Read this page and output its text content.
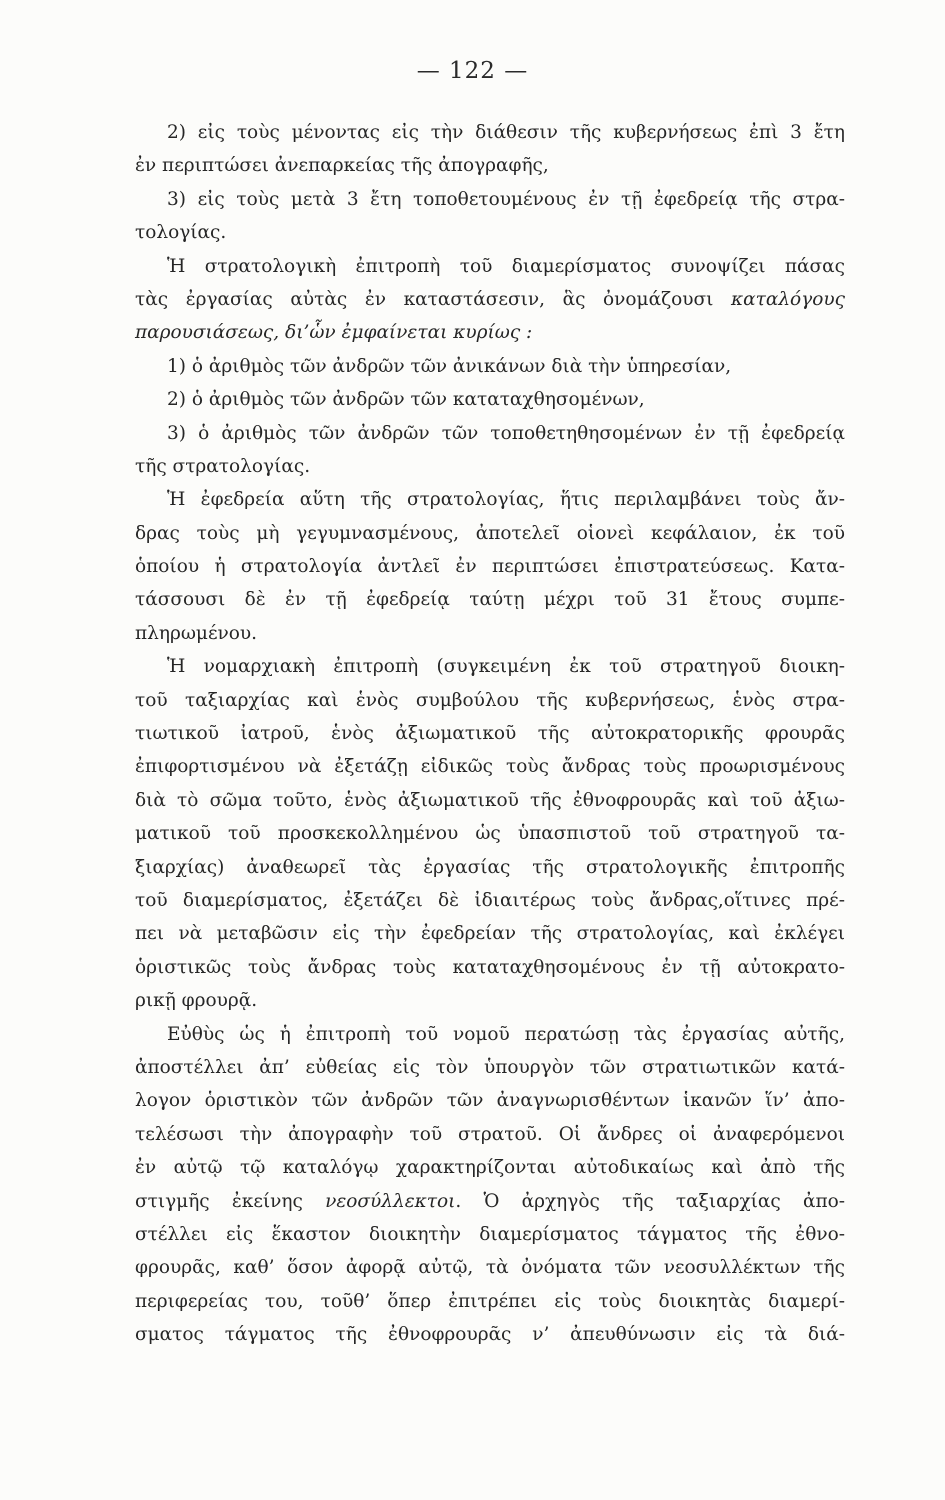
— 122 —
2) εἰς τοὺς μένοντας εἰς τὴν διάθεσιν τῆς κυβερνήσεως ἐπὶ 3 ἔτη
ἐν περιπτώσει ἀνεπαρκείας τῆς ἀπογραφῆς,
3) εἰς τοὺς μετὰ 3 ἔτη τοποθετουμένους ἐν τῇ ἐφεδρείᾳ τῆς στρα-
τολογίας.
Ἡ στρατολογικὴ ἐπιτροπὴ τοῦ διαμερίσματος συνοψίζει πάσας
τὰς ἐργασίας αὐτὰς ἐν καταστάσεσιν, ἃς ὀνομάζουσι καταλόγους
παρουσιάσεως, δι’ὧν ἐμφαίνεται κυρίως :
1) ὁ ἀριθμὸς τῶν ἀνδρῶν τῶν ἀνικάνων διὰ τὴν ὑπηρεσίαν,
2) ὁ ἀριθμὸς τῶν ἀνδρῶν τῶν καταταχθησομένων,
3) ὁ ἀριθμὸς τῶν ἀνδρῶν τῶν τοποθετηθησομένων ἐν τῇ ἐφεδρείᾳ
τῆς στρατολογίας.
Ἡ ἐφεδρεία αὕτη τῆς στρατολογίας, ἥτις περιλαμβάνει τοὺς ἄν-
δρας τοὺς μὴ γεγυμνασμένους, ἀποτελεῖ οἱονεὶ κεφάλαιον, ἐκ τοῦ
ὁποίου ἡ στρατολογία ἀντλεῖ ἐν περιπτώσει ἐπιστρατεύσεως. Κατα-
τάσσουσι δὲ ἐν τῇ ἐφεδρείᾳ ταύτῃ μέχρι τοῦ 31 ἔτους συμπε-
πληρωμένου.
Ἡ νομαρχιακὴ ἐπιτροπὴ (συγκειμένη ἐκ τοῦ στρατηγοῦ διοικη-
τοῦ ταξιαρχίας καὶ ἑνὸς συμβούλου τῆς κυβερνήσεως, ἑνὸς στρα-
τιωτικοῦ ἰατροῦ, ἑνὸς ἀξιωματικοῦ τῆς αὐτοκρατορικῆς φρουρᾶς
ἐπιφορτισμένου νὰ ἐξετάζῃ εἰδικῶς τοὺς ἄνδρας τοὺς προωρισμένους
διὰ τὸ σῶμα τοῦτο, ἑνὸς ἀξιωματικοῦ τῆς ἐθνοφρουρᾶς καὶ τοῦ ἀξιω-
ματικοῦ τοῦ προσκεκολλημένου ὡς ὑπασπιστοῦ τοῦ στρατηγοῦ τα-
ξιαρχίας) ἀναθεωρεῖ τὰς ἐργασίας τῆς στρατολογικῆς ἐπιτροπῆς
τοῦ διαμερίσματος, ἐξετάζει δὲ ἰδιαιτέρως τοὺς ἄνδρας,οἵτινες πρέ-
πει νὰ μεταβῶσιν εἰς τὴν ἐφεδρείαν τῆς στρατολογίας, καὶ ἐκλέγει
ὁριστικῶς τοὺς ἄνδρας τοὺς καταταχθησομένους ἐν τῇ αὐτοκρατο-
ρικῇ φρουρᾷ.
Εὐθὺς ὡς ἡ ἐπιτροπὴ τοῦ νομοῦ περατώσῃ τὰς ἐργασίας αὐτῆς,
ἀποστέλλει ἀπ’ εὐθείας εἰς τὸν ὑπουργὸν τῶν στρατιωτικῶν κατά-
λογον ὁριστικὸν τῶν ἀνδρῶν τῶν ἀναγνωρισθέντων ἱκανῶν ἵν’ ἀπο-
τελέσωσι τὴν ἀπογραφὴν τοῦ στρατοῦ. Οἱ ἄνδρες οἱ ἀναφερόμενοι
ἐν αὐτῷ τῷ καταλόγῳ χαρακτηρίζονται αὐτοδικαίως καὶ ἀπὸ τῆς
στιγμῆς ἐκείνης νεοσύλλεκτοι. Ὁ ἀρχηγὸς τῆς ταξιαρχίας ἀπο-
στέλλει εἰς ἕκαστον διοικητὴν διαμερίσματος τάγματος τῆς ἐθνο-
φρουρᾶς, καθ’ ὅσον ἀφορᾷ αὐτῷ, τὰ ὀνόματα τῶν νεοσυλλέκτων τῆς
περιφερείας του, τοῦθ’ ὅπερ ἐπιτρέπει εἰς τοὺς διοικητὰς διαμερί-
σματος τάγματος τῆς ἐθνοφρουρᾶς ν’ ἀπευθύνωσιν εἰς τὰ διά-
